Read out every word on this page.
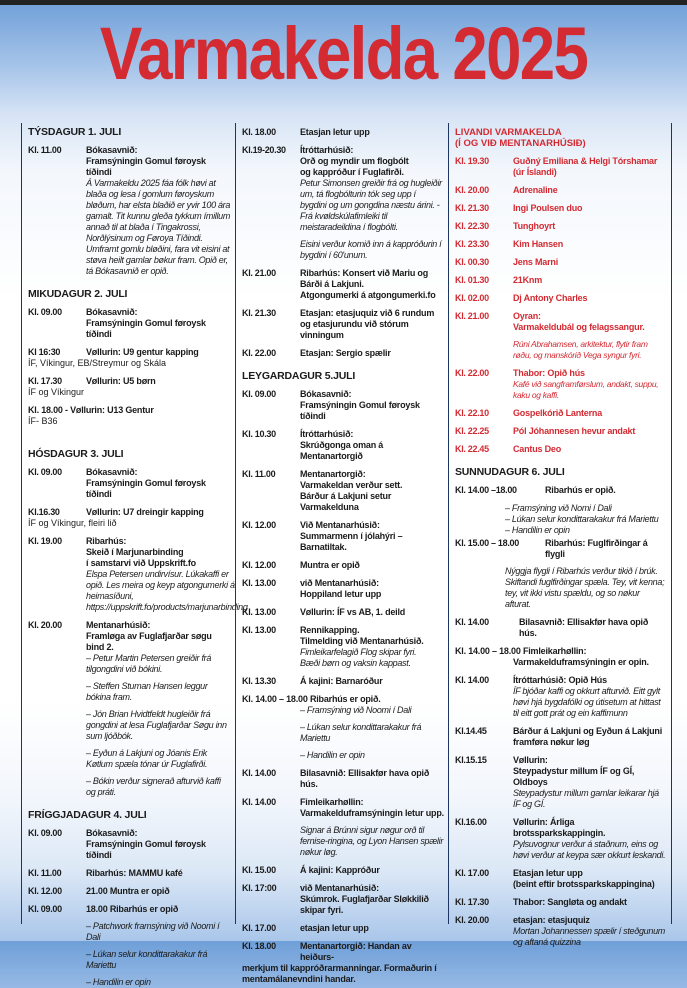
Varmakelda 2025
TÝSDAGUR 1. JULI
Kl. 11.00	Bókasavnið:
Framsýningin Gomul føroysk tíðindi
Á Varmakeldu 2025 fáa fólk høvi at blaða og lesa í gomlum føroyskum bløðum, har elsta blaðið er yvir 100 ára gamalt. Tit kunnu gleða tykkum ímillum annað til at blaða í Tingakrossi, Norðlýsinum og Føroya Tíðindi. Umframt gomlu bløðini, fara vit eisini at støva heilt gamlar bøkur fram. Opið er, tá Bókasavnið er opið.
MIKUDAGUR 2. JULI
Kl. 09.00	Bókasavnið:
Framsýningin Gomul føroysk tíðindi
Kl 16:30	Vøllurin: U9 gentur kapping
ÍF, Víkingur, EB/Streymur og Skála
Kl. 17.30	Vøllurin: U5 børn
ÍF og Víkingur
Kl. 18.00 - Vøllurin: U13 Gentur
ÍF- B36
HÓSDAGUR 3. JULI
Kl. 09.00	Bókasavnið:
Framsýningin Gomul føroysk tíðindi
Kl.16.30	Vøllurin: U7 dreingir kapping
ÍF og Víkingur, fleiri lið
Kl. 19.00	Ribarhús:
Skeið í Marjunarbinding
í samstarvi við Uppskrift.fo
Elspa Petersen undirvísur. Lúkakaffi er opið. Les meira og keyp atgongumerki á heimasíðuni, https://uppskrift.fo/products/marjunarbinding
Kl. 20.00	Mentanarhúsið:
Framløga av Fuglafjarðar søgu bind 2.
– Petur Martin Petersen greiðir frá tilgongdini við bókini.
– Steffen Stuman Hansen leggur bókina fram.
– Jón Brian Hvidtfeldt hugleiðir frá gongdini at lesa Fuglafjarðar Søgu inn sum ljóðbók.
– Eyðun á Lakjuni og Jóanis Erik Køtlum spæla tónar úr Fuglafirði.
– Bókin verður signerað afturvið kaffi og práti.
FRÍGGJADAGUR 4. JULI
Kl. 09.00	Bókasavnið:
Framsýningin Gomul føroysk tíðindi
Kl. 11.00	Ribarhús: MAMMU kafé
Kl. 12.00	21.00 Muntra er opið
Kl. 09.00	18.00 Ribarhús er opið
– Patchwork framsýning við Noomi í Dali
– Lúkan selur kondittarakakur frá Mariettu
– Handilin er opin
Kl. 18.00	Etasjan letur upp
Kl.19-20.30	Ítróttarhúsið:
Orð og myndir um flogbólt
og kappróður í Fuglafirði.
Petur Simonsen greiðir frá og hugleiðir um, tá flogbólturin tók seg upp í bygdini og um gongdina næstu árini. - Frá kvøldskúlafimleiki til meistaradeildina í flogbólti.
Eisini verður komið inn á kappróðurin í bygdini í 60'unum.
Kl. 21.00	Ribarhús: Konsert við Mariu og
Bárði á Lakjuni.
Atgongumerki á atgongumerki.fo
Kl. 21.30	Etasjan: etasjuquiz við 6 rundum
og etasjurundu við stórum vinningum
Kl. 22.00	Etasjan: Sergio spælir
LEYGARDAGUR 5.JULI
Kl. 09.00	Bókasavnið:
Framsýningin Gomul føroysk tíðindi
Kl. 10.30	Ítróttarhúsið:
Skrúðgonga oman á Mentanartorgið
Kl. 11.00	Mentanartorgið:
Varmakeldan verður sett.
Bárður á Lakjuni setur Varmakelduna
Kl. 12.00	Við Mentanarhúsið:
Summarmenn í jólahýri – Barnatiltak.
Kl. 12.00	Muntra er opið
Kl. 13.00	við Mentanarhúsið:
Hoppiland letur upp
Kl. 13.00	Vøllurin: ÍF vs AB, 1. deild
Kl. 13.00	Rennikapping.
Tilmelding við Mentanarhúsið.
Fimleikarfelagið Flog skipar fyri.
Bæði børn og vaksin kappast.
Kl. 13.30	Á kajini: Barnaróður
Kl. 14.00 – 18.00 Ribarhús er opið.
– Framsýning við Noomi í Dali
– Lúkan selur kondittarakakur frá Mariettu
– Handilin er opin
Kl. 14.00	Bilasavnið: Ellisakfør hava opið hús.
Kl. 14.00	Fimleikarhøllin:
Varmakelduframsýningin letur upp.
Signar á Brúnni sigur nøgur orð til fernise-ringina, og Lyon Hansen spælir nøkur løg.
Kl. 15.00	Á kajini: Kappróður
Kl. 17:00	við Mentanarhúsið:
Skúmrok. Fuglafjarðar Sløkkilið
skipar fyri.
Kl. 17.00	etasjan letur upp
Kl. 18.00	Mentanartorgið: Handan av heiðurs-
merkjum til kappróðrarmanningar. Formaðurin í mentamálanevndini handar.
LIVANDI VARMAKELDA
(Í OG VIÐ MENTANARHÚSIÐ)
Kl. 19.30	Guðný Emiliana & Helgi Tórshamar
(úr Íslandi)
Kl. 20.00	Adrenaline
Kl. 21.30	Ingi Poulsen duo
Kl. 22.30	Tunghoyrt
Kl. 23.30	Kim Hansen
Kl. 00.30	Jens Marni
Kl. 01.30	21Knm
Kl. 02.00	Dj Antony Charles
Kl. 21.00	Oyran:
Varmakeldubál og felagssangur.
Rúni Abrahamsen, arkitektur, flytir fram røðu, og manskórið Vega syngur fyri.
Kl. 22.00	Thabor: Opið hús
Kafé við sangframførslum, andakt, suppu, kaku og kaffi.
Kl. 22.10	Gospelkórið Lanterna
Kl. 22.25	Pól Jóhannesen hevur andakt
Kl. 22.45	Cantus Deo
SUNNUDAGUR 6. JULI
Kl. 14.00 –18.00	Ribarhús er opið.
– Framsýning við Nomi í Dali
– Lúkan selur kondittarakakur frá Mariettu
– Handilin er opin
Kl. 15.00 – 18.00	Ribarhús: Fuglfirðingar á flygli
Nýggja flygli í Ribarhús verður tikið í brúk. Skiftandi fuglfirðingar spæla. Tey, vit kenna; tey, vit ikki vistu spældu, og so nøkur afturat.
Kl. 14.00	Bilasavnið: Ellisakfør hava opið hús.
Kl. 14.00 – 18.00 Fimleikarhøllin:
Varmakelduframsýningin er opin.
Kl. 14.00	Ítróttarhúsið: Opið Hús
ÍF bjóðar kaffi og okkurt afturvið. Eitt gylt høvi hjá bygdafólki og útisetum at hittast til eitt gott prát og ein kaffimunn
Kl.14.45	Bárður á Lakjuni og Eyðun á Lakjuni
framføra nøkur løg
Kl.15.15	Vøllurin:
Steypadystur millum ÍF og GÍ, Oldboys
Steypadystur millum gamlar leikarar hjá ÍF og GÍ.
Kl.16.00	Vøllurin: Árliga brotssparkskappingin.
Pylsuvognur verður á staðnum, eins og høvi verður at keypa sær okkurt leskandi.
Kl. 17.00	Etasjan letur upp
(beint eftir brotssparkskappingina)
Kl. 17.30	Thabor: Sangløta og andakt
Kl. 20.00	etasjan: etasjuquiz
Mortan Johannessen spælir í steðgunum og aftaná quizzina
